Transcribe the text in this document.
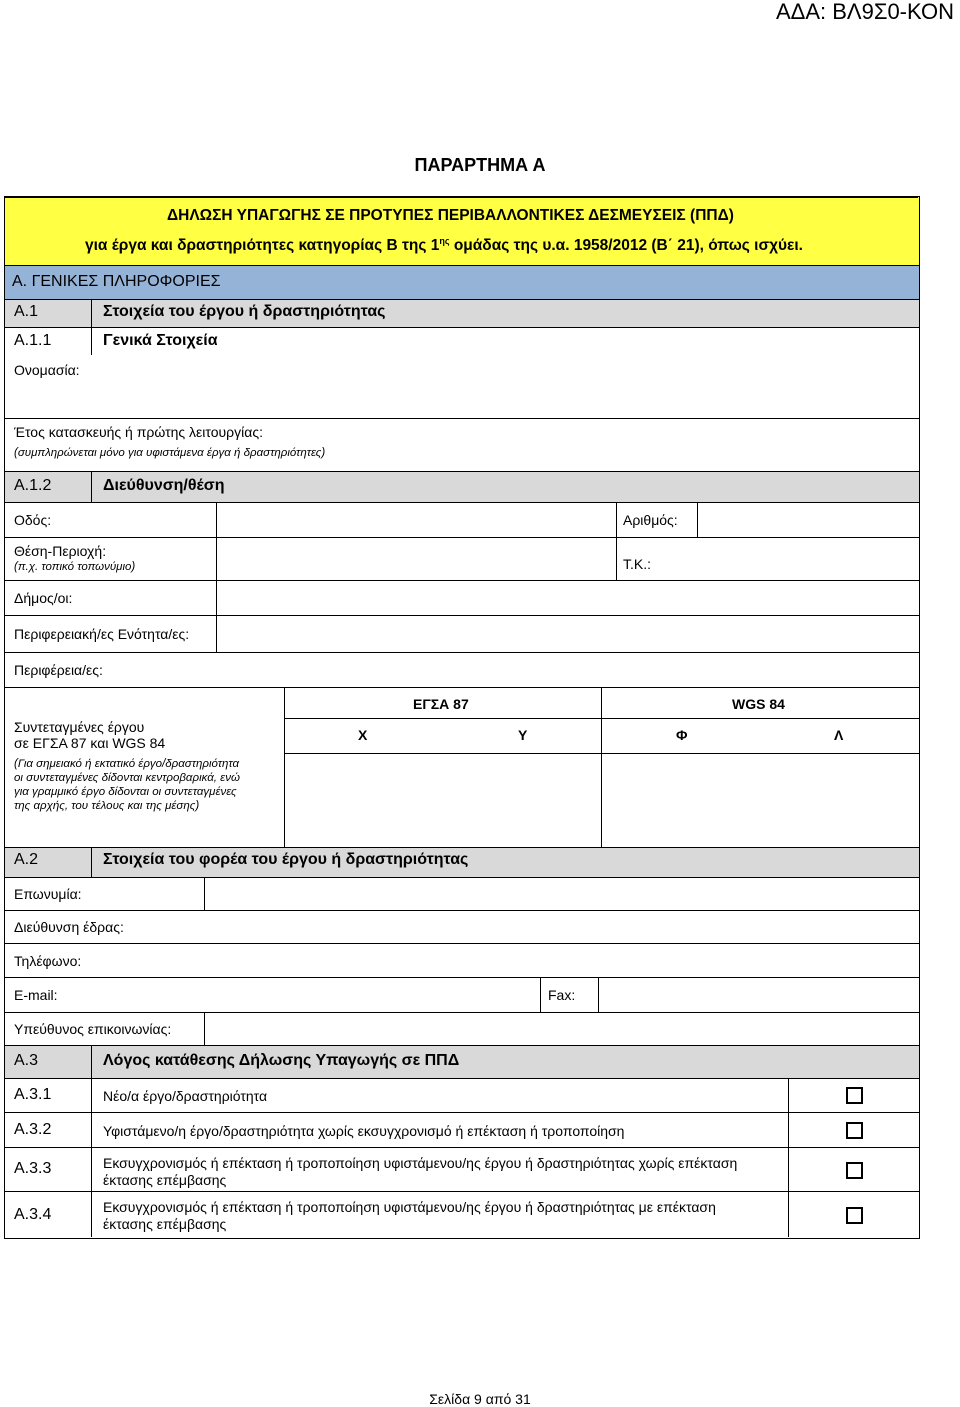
ΑΔΑ: ΒΛ9Σ0-ΚΟΝ
ΠΑΡΑΡΤΗΜΑ Α
ΔΗΛΩΣΗ ΥΠΑΓΩΓΗΣ ΣΕ ΠΡΟΤΥΠΕΣ ΠΕΡΙΒΑΛΛΟΝΤΙΚΕΣ ΔΕΣΜΕΥΣΕΙΣ (ΠΠΔ)
για έργα και δραστηριότητες κατηγορίας Β της $1^{\eta\varsigma}$ ομάδας της υ.α. 1958/2012 (Β΄ 21), όπως ισχύει.
Α. ΓΕΝΙΚΕΣ ΠΛΗΡΟΦΟΡΙΕΣ
Α.1	Στοιχεία του έργου ή δραστηριότητας
Α.1.1	Γενικά Στοιχεία
Ονομασία:
Έτος κατασκευής ή πρώτης λειτουργίας:
(συμπληρώνεται μόνο για υφιστάμενα έργα ή δραστηριότητες)
Α.1.2	Διεύθυνση/θέση
Οδός:	Αριθμός:
Θέση-Περιοχή:
(π.χ. τοπικό τοπωνύμιο)	Τ.Κ.:
Δήμος/οι:
Περιφερειακή/ες Ενότητα/ες:
Περιφέρεια/ες:
Συντεταγμένες έργου
σε ΕΓΣΑ 87 και WGS 84
(Για σημειακό ή εκτατικό έργο/δραστηριότητα
οι συντεταγμένες δίδονται κεντροβαρικά, ενώ
για γραμμικό έργο δίδονται οι συντεταγμένες
της αρχής, του τέλους και της μέσης)
ΕΓΣΑ 87	WGS 84
X	Υ	Φ	Λ
Α.2	Στοιχεία του φορέα του έργου ή δραστηριότητας
Επωνυμία:
Διεύθυνση έδρας:
Τηλέφωνο:
E-mail:	Fax:
Υπεύθυνος επικοινωνίας:
Α.3	Λόγος κατάθεσης Δήλωσης Υπαγωγής σε ΠΠΔ
Α.3.1	Νέο/α έργο/δραστηριότητα
Α.3.2	Υφιστάμενο/η έργο/δραστηριότητα χωρίς εκσυγχρονισμό ή επέκταση ή τροποποίηση
Α.3.3	Εκσυγχρονισμός ή επέκταση ή τροποποίηση υφιστάμενου/ης έργου ή δραστηριότητας χωρίς επέκταση
έκτασης επέμβασης
Α.3.4	Εκσυγχρονισμός ή επέκταση ή τροποποίηση υφιστάμενου/ης έργου ή δραστηριότητας με επέκταση
έκτασης επέμβασης
Σελίδα 9 από 31
